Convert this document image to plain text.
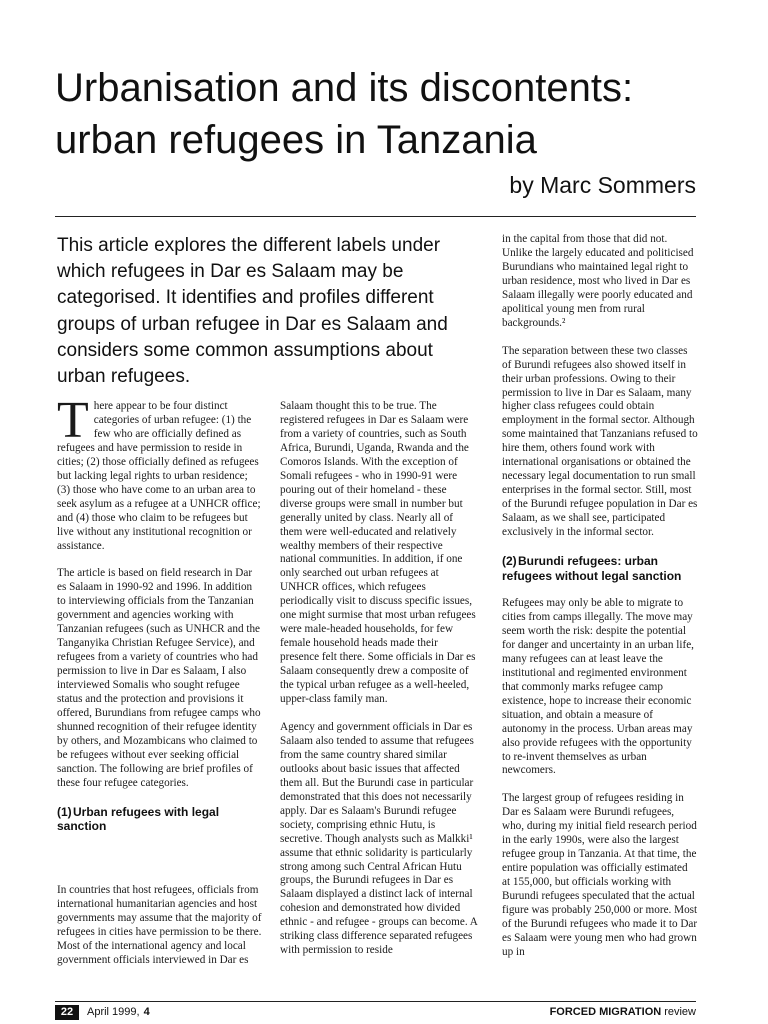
Urbanisation and its discontents:
urban refugees in Tanzania
by Marc Sommers
This article explores the different labels under which refugees in Dar es Salaam may be categorised. It identifies and profiles different groups of urban refugee in Dar es Salaam and considers some common assumptions about urban refugees.

There appear to be four distinct categories of urban refugee: (1) the few who are officially defined as refugees and have permission to reside in cities; (2) those officially defined as refugees but lacking legal rights to urban residence; (3) those who have come to an urban area to seek asylum as a refugee at a UNHCR office; and (4) those who claim to be refugees but live without any institutional recognition or assistance.

The article is based on field research in Dar es Salaam in 1990-92 and 1996. In addition to interviewing officials from the Tanzanian government and agencies working with Tanzanian refugees (such as UNHCR and the Tanganyika Christian Refugee Service), and refugees from a variety of countries who had permission to live in Dar es Salaam, I also interviewed Somalis who sought refugee status and the protection and provisions it offered, Burundians from refugee camps who shunned recognition of their refugee identity by others, and Mozambicans who claimed to be refugees without ever seeking official sanction. The following are brief profiles of these four refugee categories.

(1)Urban refugees with legal sanction

In countries that host refugees, officials from international humanitarian agencies and host governments may assume that the majority of refugees in cities have permission to be there. Most of the international agency and local government officials interviewed in Dar es

Salaam thought this to be true. The registered refugees in Dar es Salaam were from a variety of countries, such as South Africa, Burundi, Uganda, Rwanda and the Comoros Islands. With the exception of Somali refugees - who in 1990-91 were pouring out of their homeland - these diverse groups were small in number but generally united by class. Nearly all of them were well-educated and relatively wealthy members of their respective national communities. In addition, if one only searched out urban refugees at UNHCR offices, which refugees periodically visit to discuss specific issues, one might surmise that most urban refugees were male-headed households, for few female household heads made their presence felt there. Some officials in Dar es Salaam consequently drew a composite of the typical urban refugee as a well-heeled, upper-class family man.

Agency and government officials in Dar es Salaam also tended to assume that refugees from the same country shared similar outlooks about basic issues that affected them all. But the Burundi case in particular demonstrated that this does not necessarily apply. Dar es Salaam's Burundi refugee society, comprising ethnic Hutu, is secretive. Though analysts such as Malkki¹ assume that ethnic solidarity is particularly strong among such Central African Hutu groups, the Burundi refugees in Dar es Salaam displayed a distinct lack of internal cohesion and demonstrated how divided ethnic - and refugee - groups can become. A striking class difference separated refugees with permission to reside

in the capital from those that did not. Unlike the largely educated and politicised Burundians who maintained legal right to urban residence, most who lived in Dar es Salaam illegally were poorly educated and apolitical young men from rural backgrounds.²

The separation between these two classes of Burundi refugees also showed itself in their urban professions. Owing to their permission to live in Dar es Salaam, many higher class refugees could obtain employment in the formal sector. Although some maintained that Tanzanians refused to hire them, others found work with international organisations or obtained the necessary legal documentation to run small enterprises in the formal sector. Still, most of the Burundi refugee population in Dar es Salaam, as we shall see, participated exclusively in the informal sector.

(2)Burundi refugees: urban refugees without legal sanction

Refugees may only be able to migrate to cities from camps illegally. The move may seem worth the risk: despite the potential for danger and uncertainty in an urban life, many refugees can at least leave the institutional and regimented environment that commonly marks refugee camp existence, hope to increase their economic situation, and obtain a measure of autonomy in the process. Urban areas may also provide refugees with the opportunity to re-invent themselves as urban newcomers.

The largest group of refugees residing in Dar es Salaam were Burundi refugees, who, during my initial field research period in the early 1990s, were also the largest refugee group in Tanzania. At that time, the entire population was officially estimated at 155,000, but officials working with Burundi refugees speculated that the actual figure was probably 250,000 or more. Most of the Burundi refugees who made it to Dar es Salaam were young men who had grown up in

22	April 1999, 4	FORCED MIGRATION review
